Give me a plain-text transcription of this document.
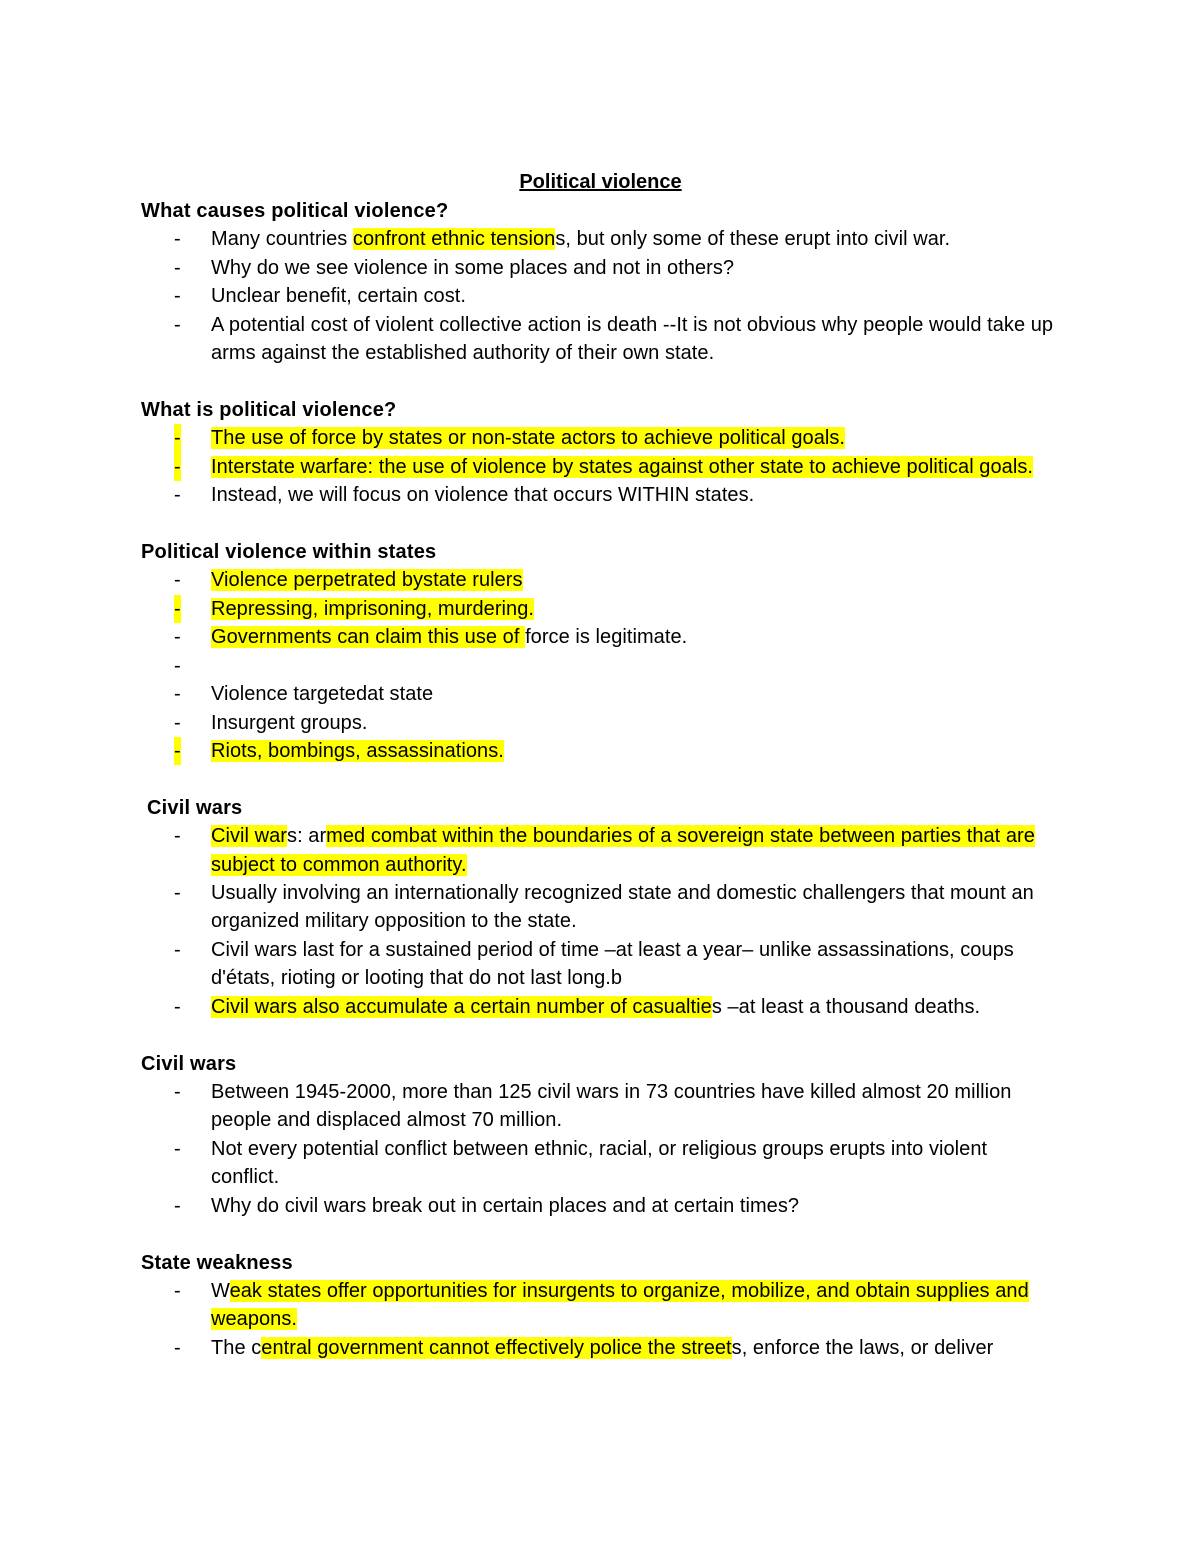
Political violence
What causes political violence?
- Many countries confront ethnic tensions, but only some of these erupt into civil war.
- Why do we see violence in some places and not in others?
- Unclear benefit, certain cost.
- A potential cost of violent collective action is death --It is not obvious why people would take up arms against the established authority of their own state.
What is political violence?
- The use of force by states or non-state actors to achieve political goals.
- Interstate warfare: the use of violence by states against other state to achieve political goals.
- Instead, we will focus on violence that occurs WITHIN states.
Political violence within states
- Violence perpetrated bystate rulers
- Repressing, imprisoning, murdering.
- Governments can claim this use of force is legitimate.
-

- Violence targetedat state
- Insurgent groups.
- Riots, bombings, assassinations.
Civil wars
- Civil wars: armed combat within the boundaries of a sovereign state between parties that are subject to common authority.
- Usually involving an internationally recognized state and domestic challengers that mount an organized military opposition to the state.
- Civil wars last for a sustained period of time –at least a year– unlike assassinations, coups d'états, rioting or looting that do not last long.b
- Civil wars also accumulate a certain number of casualties –at least a thousand deaths.
Civil wars
- Between 1945-2000, more than 125 civil wars in 73 countries have killed almost 20 million people and displaced almost 70 million.
- Not every potential conflict between ethnic, racial, or religious groups erupts into violent conflict.
- Why do civil wars break out in certain places and at certain times?
State weakness
- Weak states offer opportunities for insurgents to organize, mobilize, and obtain supplies and weapons.
- The central government cannot effectively police the streets, enforce the laws, or deliver
